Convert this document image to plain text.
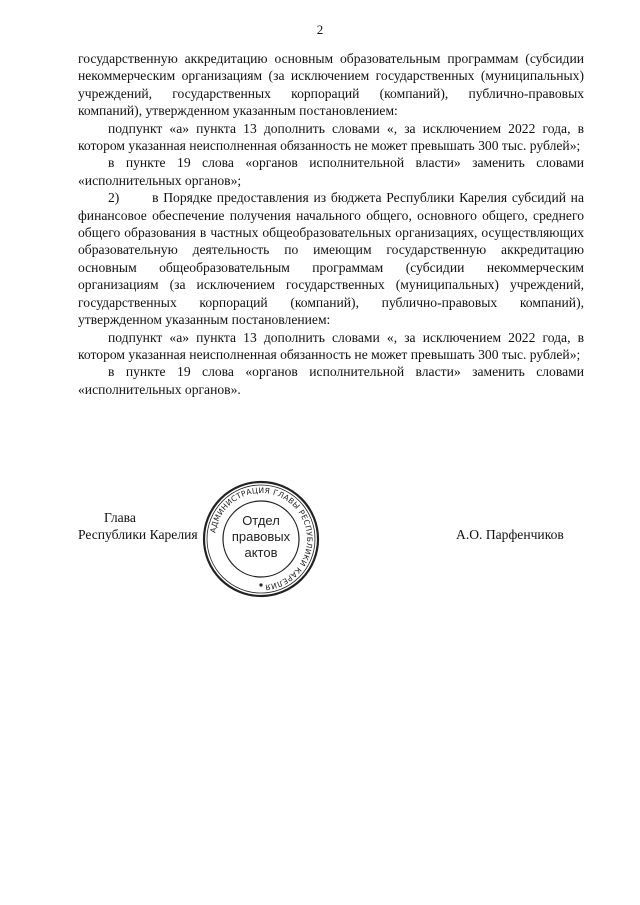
2

государственную аккредитацию основным образовательным программам (субсидии некоммерческим организациям (за исключением государственных (муниципальных) учреждений, государственных корпораций (компаний), публично-правовых компаний), утвержденном указанным постановлением:

подпункт «а» пункта 13 дополнить словами «, за исключением 2022 года, в котором указанная неисполненная обязанность не может превышать 300 тыс. рублей»;

в пункте 19 слова «органов исполнительной власти» заменить словами «исполнительных органов»;

2)       в Порядке предоставления из бюджета Республики Карелия субсидий на финансовое обеспечение получения начального общего, основного общего, среднего общего образования в частных общеобразовательных организациях, осуществляющих образовательную деятельность по имеющим государственную аккредитацию основным общеобразовательным программам (субсидии некоммерческим организациям (за исключением государственных (муниципальных) учреждений, государственных корпораций (компаний), публично-правовых компаний), утвержденном указанным постановлением:

подпункт «а» пункта 13 дополнить словами «, за исключением 2022 года, в котором указанная неисполненная обязанность не может превышать 300 тыс. рублей»;

в пункте 19 слова «органов исполнительной власти» заменить словами «исполнительных органов».

Глава
Республики Карелия	А.О. Парфенчиков
АДМИНИСТРАЦИЯ ГЛАВЫ РЕСПУБЛИКИ КАРЕЛИЯ
Отдел
правовых
актов
